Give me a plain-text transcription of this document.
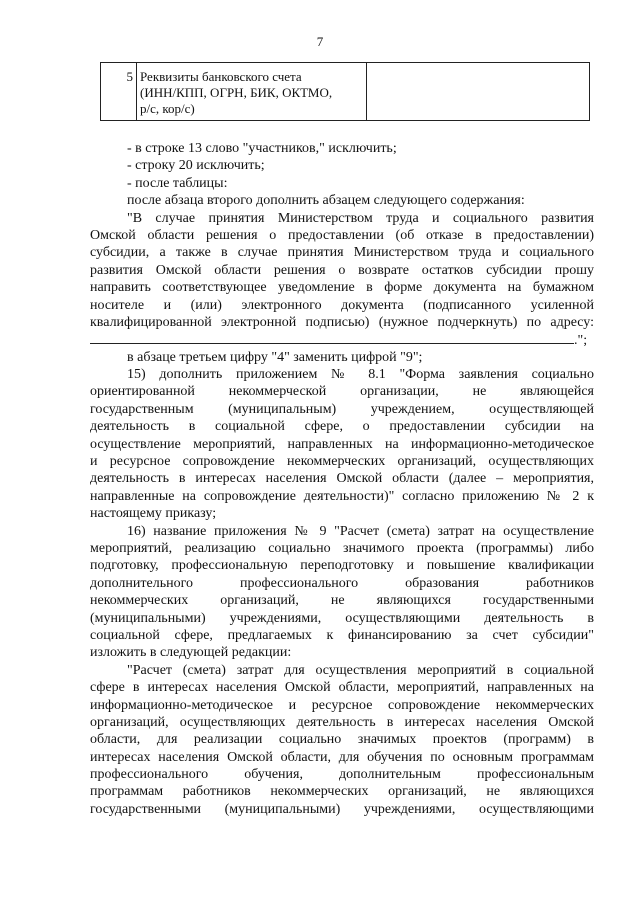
7
5 Реквизиты банковского счета
(ИНН/КПП, ОГРН, БИК, ОКТМО,
р/с, кор/с)
- в строке 13 слово "участников," исключить;
- строку 20 исключить;
- после таблицы:
после абзаца второго дополнить абзацем следующего содержания:
"В случае принятия Министерством труда и социального развития
Омской области решения о предоставлении (об отказе в предоставлении)
субсидии, а также в случае принятия Министерством труда и социального
развития Омской области решения о возврате остатков субсидии прошу
направить соответствующее уведомление в форме документа на бумажном
носителе и (или) электронного документа (подписанного усиленной
квалифицированной электронной подписью) (нужное подчеркнуть) по адресу:
.";
в абзаце третьем цифру "4" заменить цифрой "9";
15) дополнить приложением № 8.1 "Форма заявления социально
ориентированной некоммерческой организации, не являющейся
государственным (муниципальным) учреждением, осуществляющей
деятельность в социальной сфере, о предоставлении субсидии на
осуществление мероприятий, направленных на информационно-методическое
и ресурсное сопровождение некоммерческих организаций, осуществляющих
деятельность в интересах населения Омской области (далее – мероприятия,
направленные на сопровождение деятельности)" согласно приложению № 2 к
настоящему приказу;
16) название приложения № 9 "Расчет (смета) затрат на осуществление
мероприятий, реализацию социально значимого проекта (программы) либо
подготовку, профессиональную переподготовку и повышение квалификации
дополнительного профессионального образования работников
некоммерческих организаций, не являющихся государственными
(муниципальными) учреждениями, осуществляющими деятельность в
социальной сфере, предлагаемых к финансированию за счет субсидии"
изложить в следующей редакции:
"Расчет (смета) затрат для осуществления мероприятий в социальной
сфере в интересах населения Омской области, мероприятий, направленных на
информационно-методическое и ресурсное сопровождение некоммерческих
организаций, осуществляющих деятельность в интересах населения Омской
области, для реализации социально значимых проектов (программ) в
интересах населения Омской области, для обучения по основным программам
профессионального обучения, дополнительным профессиональным
программам работников некоммерческих организаций, не являющихся
государственными (муниципальными) учреждениями, осуществляющими
